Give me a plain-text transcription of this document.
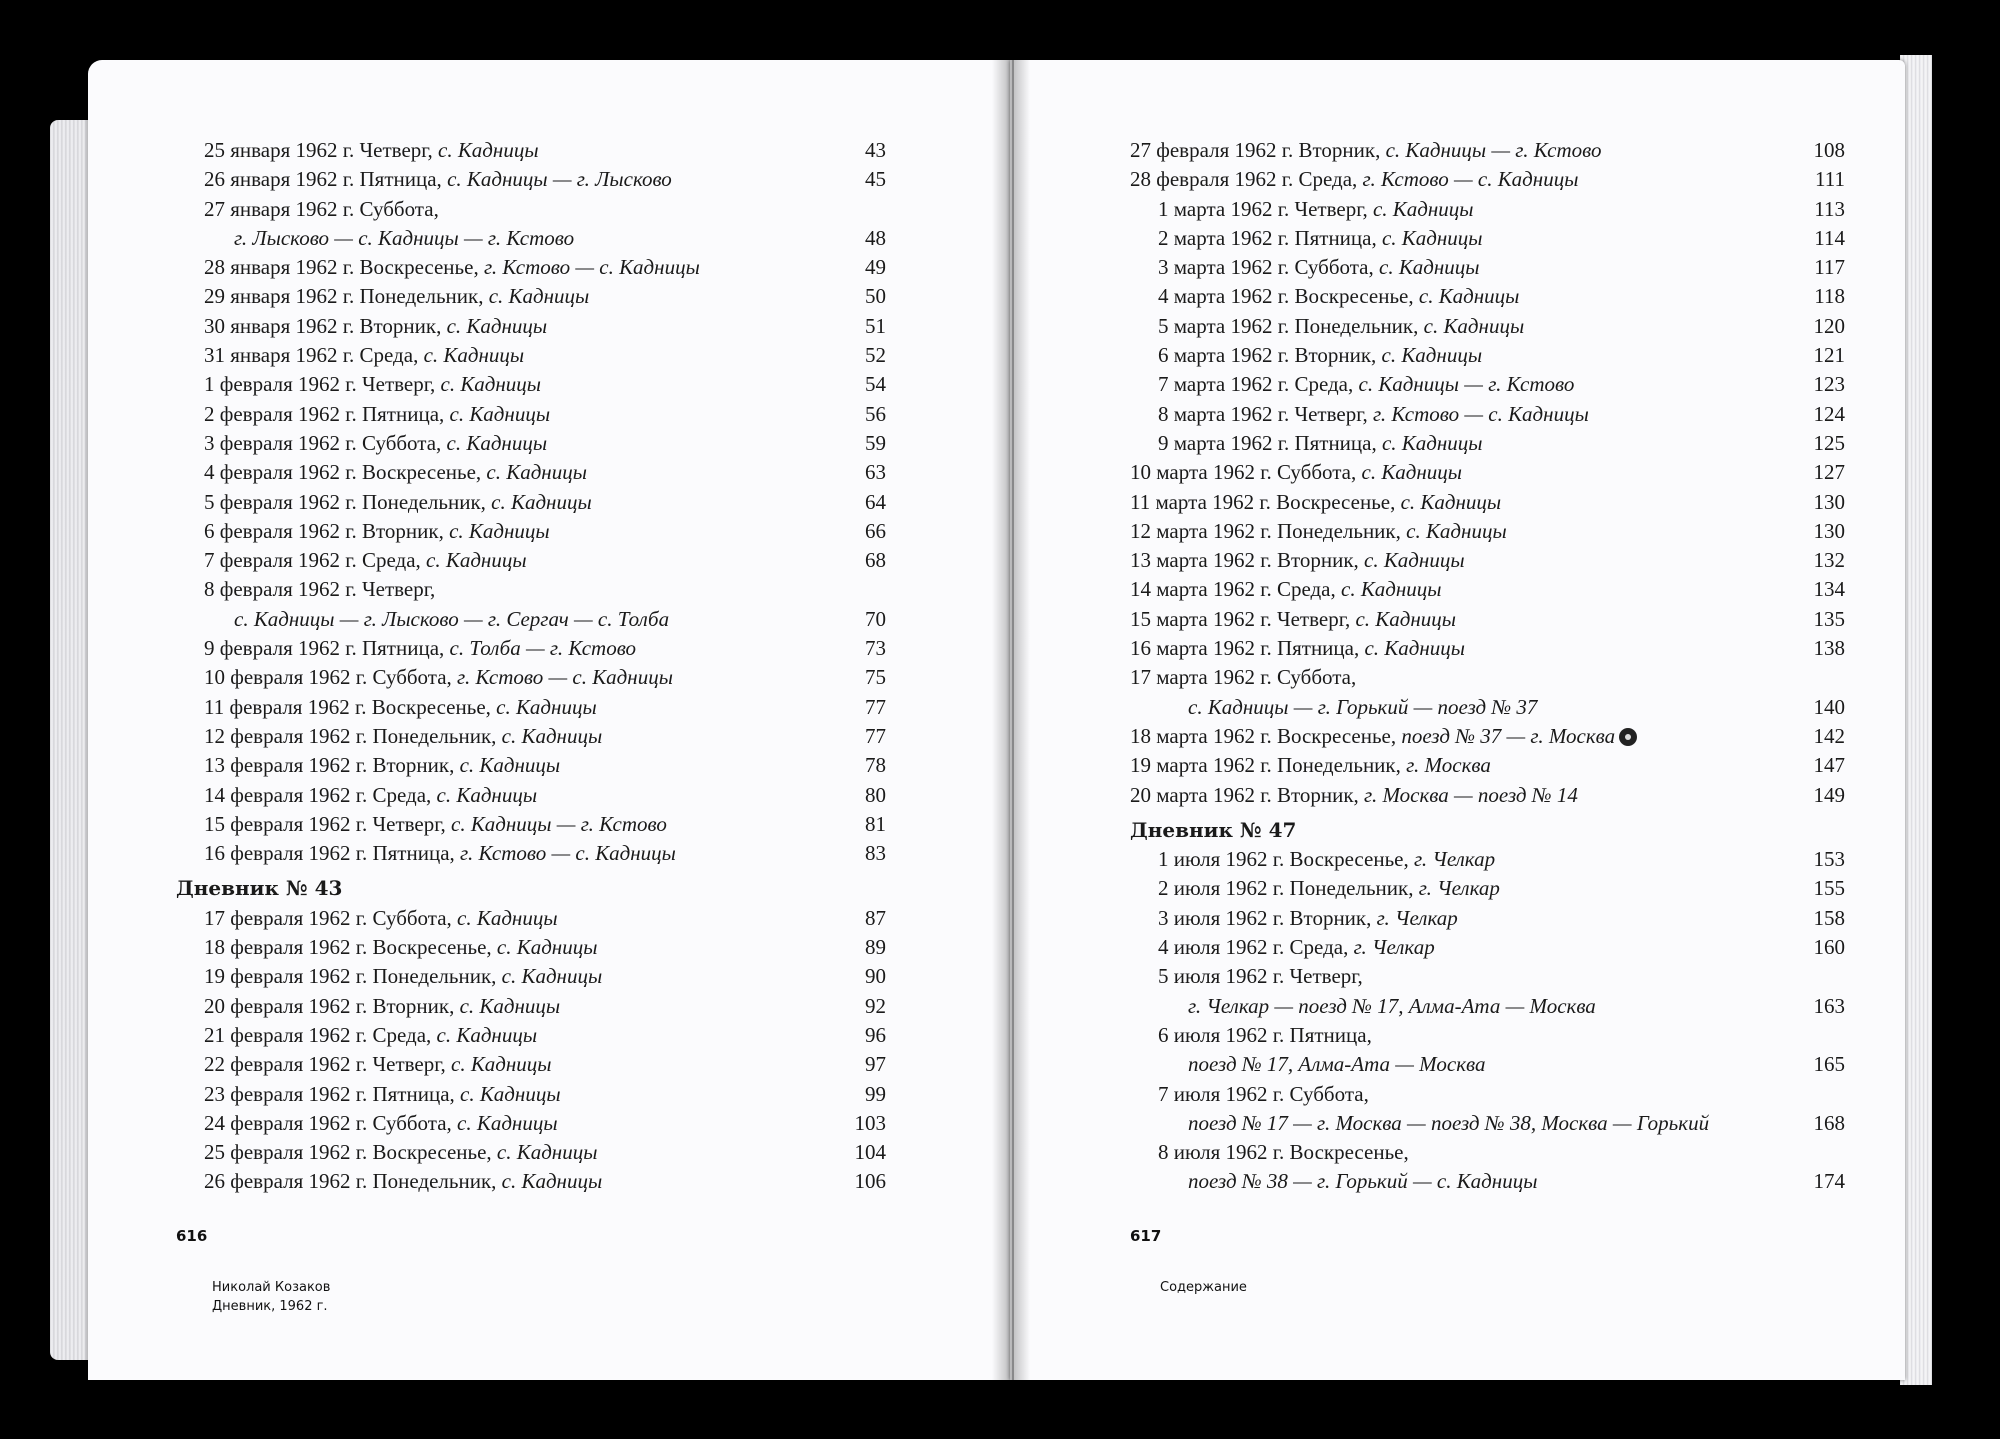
25 января 1962 г. Четверг, с. Кадницы	43
26 января 1962 г. Пятница, с. Кадницы — г. Лысково	45
27 января 1962 г. Суббота,
г. Лысково — с. Кадницы — г. Кстово	48
28 января 1962 г. Воскресенье, г. Кстово — с. Кадницы	49
29 января 1962 г. Понедельник, с. Кадницы	50
30 января 1962 г. Вторник, с. Кадницы	51
31 января 1962 г. Среда, с. Кадницы	52
1 февраля 1962 г. Четверг, с. Кадницы	54
2 февраля 1962 г. Пятница, с. Кадницы	56
3 февраля 1962 г. Суббота, с. Кадницы	59
4 февраля 1962 г. Воскресенье, с. Кадницы	63
5 февраля 1962 г. Понедельник, с. Кадницы	64
6 февраля 1962 г. Вторник, с. Кадницы	66
7 февраля 1962 г. Среда, с. Кадницы	68
8 февраля 1962 г. Четверг,
с. Кадницы — г. Лысково — г. Сергач — с. Толба	70
9 февраля 1962 г. Пятница, с. Толба — г. Кстово	73
10 февраля 1962 г. Суббота, г. Кстово — с. Кадницы	75
11 февраля 1962 г. Воскресенье, с. Кадницы	77
12 февраля 1962 г. Понедельник, с. Кадницы	77
13 февраля 1962 г. Вторник, с. Кадницы	78
14 февраля 1962 г. Среда, с. Кадницы	80
15 февраля 1962 г. Четверг, с. Кадницы — г. Кстово	81
16 февраля 1962 г. Пятница, г. Кстово — с. Кадницы	83
Дневник № 43
17 февраля 1962 г. Суббота, с. Кадницы	87
18 февраля 1962 г. Воскресенье, с. Кадницы	89
19 февраля 1962 г. Понедельник, с. Кадницы	90
20 февраля 1962 г. Вторник, с. Кадницы	92
21 февраля 1962 г. Среда, с. Кадницы	96
22 февраля 1962 г. Четверг, с. Кадницы	97
23 февраля 1962 г. Пятница, с. Кадницы	99
24 февраля 1962 г. Суббота, с. Кадницы	103
25 февраля 1962 г. Воскресенье, с. Кадницы	104
26 февраля 1962 г. Понедельник, с. Кадницы	106
27 февраля 1962 г. Вторник, с. Кадницы — г. Кстово	108
28 февраля 1962 г. Среда, г. Кстово — с. Кадницы	111
1 марта 1962 г. Четверг, с. Кадницы	113
2 марта 1962 г. Пятница, с. Кадницы	114
3 марта 1962 г. Суббота, с. Кадницы	117
4 марта 1962 г. Воскресенье, с. Кадницы	118
5 марта 1962 г. Понедельник, с. Кадницы	120
6 марта 1962 г. Вторник, с. Кадницы	121
7 марта 1962 г. Среда, с. Кадницы — г. Кстово	123
8 марта 1962 г. Четверг, г. Кстово — с. Кадницы	124
9 марта 1962 г. Пятница, с. Кадницы	125
10 марта 1962 г. Суббота, с. Кадницы	127
11 марта 1962 г. Воскресенье, с. Кадницы	130
12 марта 1962 г. Понедельник, с. Кадницы	130
13 марта 1962 г. Вторник, с. Кадницы	132
14 марта 1962 г. Среда, с. Кадницы	134
15 марта 1962 г. Четверг, с. Кадницы	135
16 марта 1962 г. Пятница, с. Кадницы	138
17 марта 1962 г. Суббота,
с. Кадницы — г. Горький — поезд № 37	140
18 марта 1962 г. Воскресенье, поезд № 37 — г. Москва	142
19 марта 1962 г. Понедельник, г. Москва	147
20 марта 1962 г. Вторник, г. Москва — поезд № 14	149
Дневник № 47
1 июля 1962 г. Воскресенье, г. Челкар	153
2 июля 1962 г. Понедельник, г. Челкар	155
3 июля 1962 г. Вторник, г. Челкар	158
4 июля 1962 г. Среда, г. Челкар	160
5 июля 1962 г. Четверг,
г. Челкар — поезд № 17, Алма-Ата — Москва	163
6 июля 1962 г. Пятница,
поезд № 17, Алма-Ата — Москва	165
7 июля 1962 г. Суббота,
поезд № 17 — г. Москва — поезд № 38, Москва — Горький	168
8 июля 1962 г. Воскресенье,
поезд № 38 — г. Горький — с. Кадницы	174
616	617
Николай Козаков
Дневник, 1962 г.
Содержание
